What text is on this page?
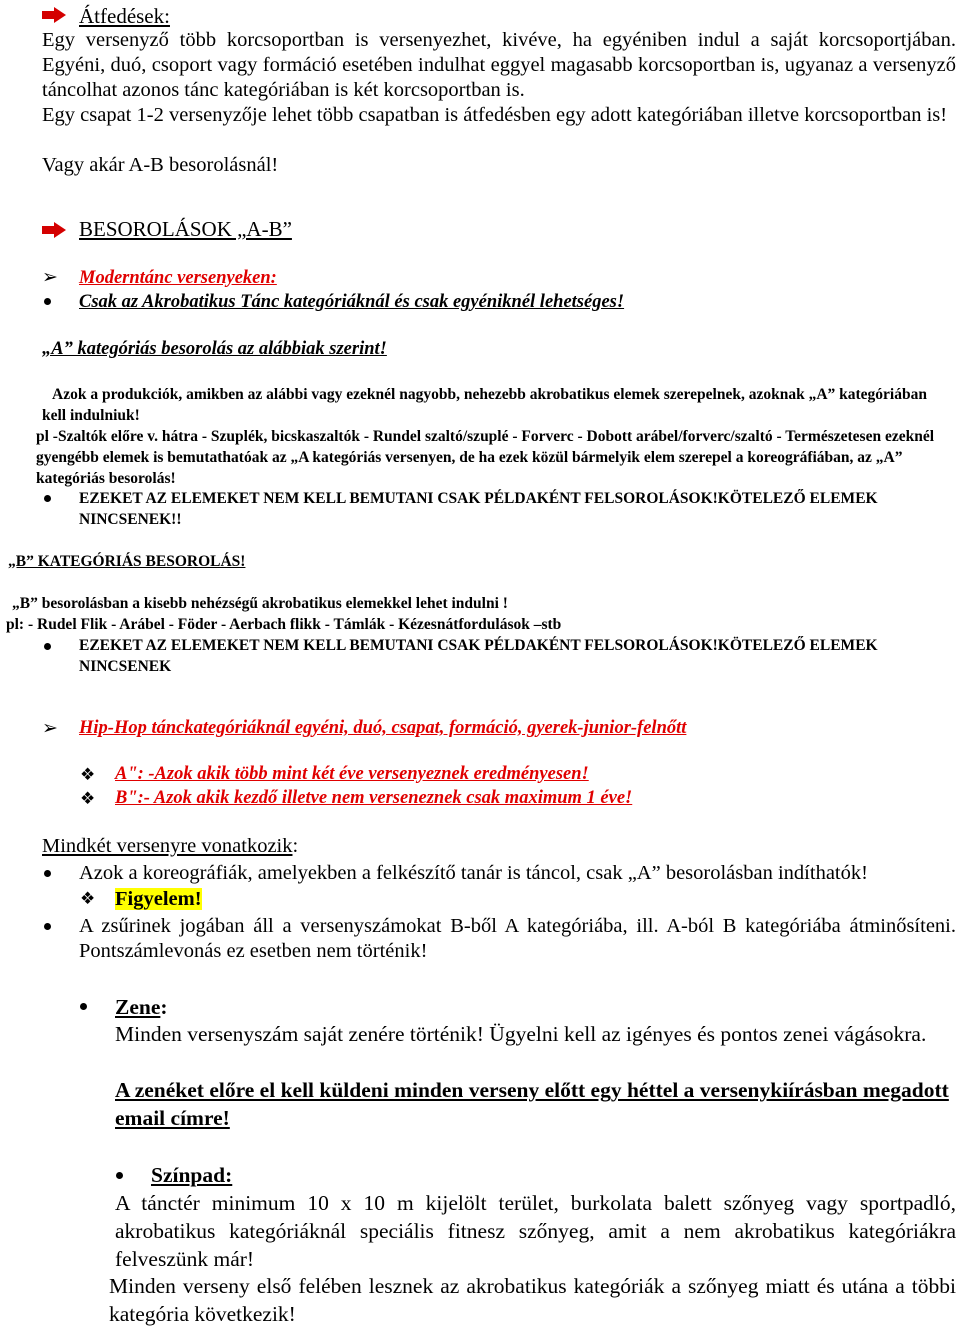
Átfedések:
Egy versenyző több korcsoportban is versenyezhet, kivéve, ha egyéniben indul a saját korcsoportjában. Egyéni, duó, csoport vagy formáció esetében indulhat eggyel magasabb korcsoportban is, ugyanaz a versenyző táncolhat azonos tánc kategóriában is két korcsoportban is.
Egy csapat 1-2 versenyzője lehet több csapatban is átfedésben egy adott kategóriában illetve korcsoportban is!
Vagy akár A-B besorolásnál!
BESOROLÁSOK „A-B”
➢ Moderntánc versenyeken:
Csak az Akrobatikus Tánc kategóriáknál és csak egyéniknél lehetséges!
„A” kategóriás besorolás az alábbiak szerint!
Azok a produkciók, amikben az alábbi vagy ezeknél nagyobb, nehezebb akrobatikus elemek szerepelnek, azoknak „A” kategóriában kell indulniuk!
pl -Szaltók előre v. hátra - Szuplék, bicskaszaltók - Rundel szaltó/szuplé - Forverc - Dobott arábel/forverc/szaltó - Természetesen ezeknél gyengébb elemek is bemutathatóak az „A kategóriás versenyen, de ha ezek közül bármelyik elem szerepel a koreográfiában, az „A” kategóriás besorolás!
EZEKET AZ ELEMEKET NEM KELL BEMUTANI CSAK PÉLDAKÉNT FELSOROLÁSOK!KÖTELEZŐ ELEMEK NINCSENEK!!
„B” KATEGÓRIÁS BESOROLÁS!
„B” besorolásban a kisebb nehézségű akrobatikus elemekkel lehet indulni !
pl: - Rudel Flik - Arábel - Föder - Aerbach flikk - Támlák - Kézesnátfordulások –stb
EZEKET AZ ELEMEKET NEM KELL BEMUTANI CSAK PÉLDAKÉNT FELSOROLÁSOK!KÖTELEZŐ ELEMEK NINCSENEK
➢ Hip-Hop tánckategóriáknál egyéni, duó, csapat, formáció, gyerek-junior-felnőtt
❖ A": -Azok akik több mint két éve versenyeznek eredményesen!
❖ B":- Azok akik kezdő illetve nem verseneznek csak maximum 1 éve!
Mindkét versenyre vonatkozik:
Azok a koreográfiák, amelyekben a felkészítő tanár is táncol, csak „A” besorolásban indíthatók!
❖ Figyelem!
A zsűrinek jogában áll a versenyszámokat B-ből A kategóriába, ill. A-ból B kategóriába átminősíteni. Pontszámlevonás ez esetben nem történik!
Zene:
Minden versenyszám saját zenére történik! Ügyelni kell az igényes és pontos zenei vágásokra.
A zenéket előre el kell küldeni minden verseny előtt egy héttel a versenykiírásban megadott email címre!
Színpad:
A tánctér minimum 10 x 10 m kijelölt terület, burkolata balett szőnyeg vagy sportpadló, akrobatikus kategóriáknál speciális fitnesz szőnyeg, amit a nem akrobatikus kategóriákra felveszünk már!
Minden verseny első felében lesznek az akrobatikus kategóriák a szőnyeg miatt és utána a többi kategória következik!
